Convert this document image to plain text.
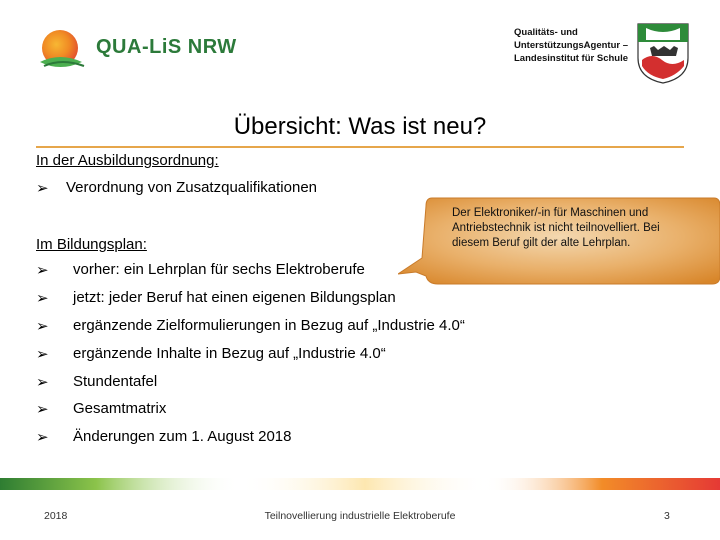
QUA-LiS NRW
Qualitäts- und
UnterstützungsAgentur –
Landesinstitut für Schule
Übersicht: Was ist neu?
In der Ausbildungsordnung:
➢ Verordnung von Zusatzqualifikationen
Der Elektroniker/-in für Maschinen und Antriebstechnik ist nicht teilnovelliert. Bei diesem Beruf gilt der alte Lehrplan.
Im Bildungsplan:
➢ vorher: ein Lehrplan für sechs Elektroberufe
➢ jetzt: jeder Beruf hat einen eigenen Bildungsplan
➢ ergänzende Zielformulierungen in Bezug auf „Industrie 4.0“
➢ ergänzende Inhalte in Bezug auf „Industrie 4.0“
➢ Stundentafel
➢ Gesamtmatrix
➢ Änderungen zum 1. August 2018
2018	Teilnovellierung industrielle Elektroberufe	3
